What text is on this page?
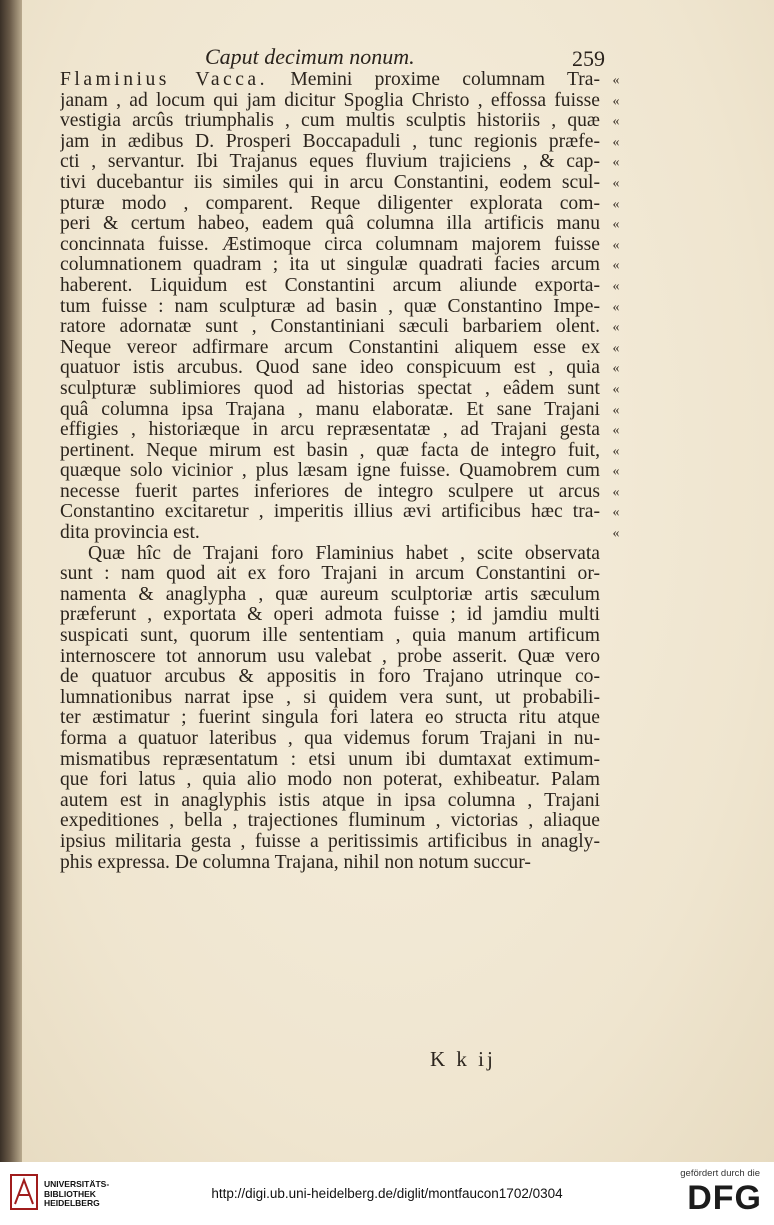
Caput decimum nonum.	259
Flaminius Vacca. Memini proxime columnam Tra-
janam , ad locum qui jam dicitur Spoglia Christo , effossa fuisse
vestigia arcûs triumphalis , cum multis sculptis historiis , quæ
jam in ædibus D. Prosperi Boccapaduli , tunc regionis præfe-
cti , servantur. Ibi Trajanus eques fluvium trajiciens , & cap-
tivi ducebantur iis similes qui in arcu Constantini, eodem scul-
pturæ modo , comparent. Reque diligenter explorata com-
peri & certum habeo, eadem quâ columna illa artificis manu
concinnata fuisse. Æstimoque circa columnam majorem fuisse
columnationem quadram ; ita ut singulæ quadrati facies arcum
haberent. Liquidum est Constantini arcum aliunde exporta-
tum fuisse : nam sculpturæ ad basin , quæ Constantino Impe-
ratore adornatæ sunt , Constantiniani sæculi barbariem olent.
Neque vereor adfirmare arcum Constantini aliquem esse ex
quatuor istis arcubus. Quod sane ideo conspicuum est , quia
sculpturæ sublimiores quod ad historias spectat , eâdem sunt
quâ columna ipsa Trajana , manu elaboratæ. Et sane Trajani
effigies , historiæque in arcu repræsentatæ , ad Trajani gesta
pertinent. Neque mirum est basin , quæ facta de integro fuit,
quæque solo vicinior , plus læsam igne fuisse. Quamobrem cum
necesse fuerit partes inferiores de integro sculpere ut arcus
Constantino excitaretur , imperitis illius ævi artificibus hæc tra-
dita provincia est.
Quæ hîc de Trajani foro Flaminius habet , scite observata
sunt : nam quod ait ex foro Trajani in arcum Constantini or-
namenta & anaglypha , quæ aureum sculptoriæ artis sæculum
præferunt , exportata & operi admota fuisse ; id jamdiu multi
suspicati sunt, quorum ille sententiam , quia manum artificum
internoscere tot annorum usu valebat , probe asserit. Quæ vero
de quatuor arcubus & appositis in foro Trajano utrinque co-
lumnationibus narrat ipse , si quidem vera sunt, ut probabili-
ter æstimatur ; fuerint singula fori latera eo structa ritu atque
forma a quatuor lateribus , qua videmus forum Trajani in nu-
mismatibus repræsentatum : etsi unum ibi dumtaxat extimum-
que fori latus , quia alio modo non poterat, exhibeatur. Palam
autem est in anaglyphis istis atque in ipsa columna , Trajani
expeditiones , bella , trajectiones fluminum , victorias , aliaque
ipsius militaria gesta , fuisse a peritissimis artificibus in anagly-
phis expressa. De columna Trajana, nihil non notum succur-
«
«
«
«
«
«
«
«
«
«
«
«
«
«
«
«
«
«
«
«
«
«
«
K k ij
UNIVERSITÄTS-
BIBLIOTHEK
HEIDELBERG
http://digi.ub.uni-heidelberg.de/diglit/montfaucon1702/0304
gefördert durch die
DFG
